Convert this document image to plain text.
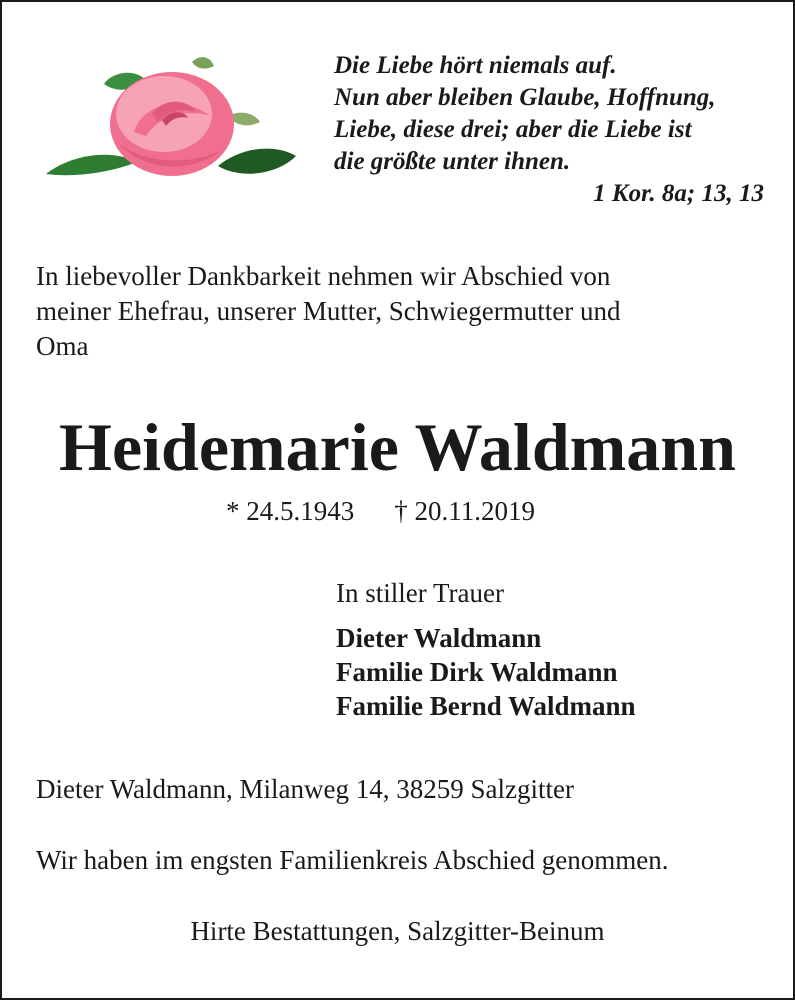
Die Liebe hört niemals auf.
Nun aber bleiben Glaube, Hoffnung,
Liebe, diese drei; aber die Liebe ist
die größte unter ihnen.
1 Kor. 8a; 13, 13
In liebevoller Dankbarkeit nehmen wir Abschied von
meiner Ehefrau, unserer Mutter, Schwiegermutter und
Oma
Heidemarie Waldmann
* 24.5.1943 † 20.11.2019
In stiller Trauer
Dieter Waldmann
Familie Dirk Waldmann
Familie Bernd Waldmann
Dieter Waldmann, Milanweg 14, 38259 Salzgitter
Wir haben im engsten Familienkreis Abschied genommen.
Hirte Bestattungen, Salzgitter-Beinum
